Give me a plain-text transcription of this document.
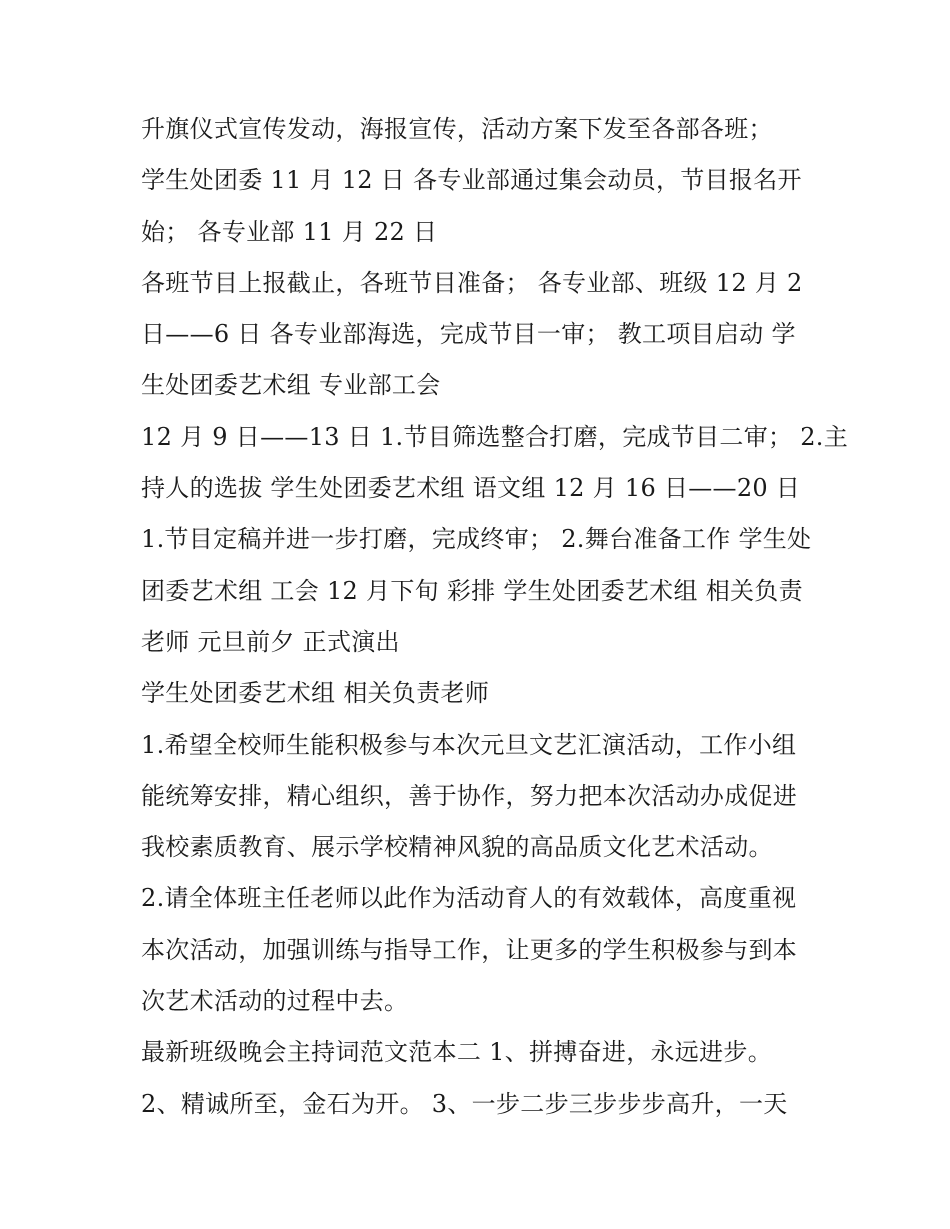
升旗仪式宣传发动，海报宣传，活动方案下发至各部各班；
学生处团委 11 月 12 日 各专业部通过集会动员，节目报名开
始； 各专业部 11 月 22 日
各班节目上报截止，各班节目准备； 各专业部、班级 12 月 2
日——6 日 各专业部海选，完成节目一审； 教工项目启动 学
生处团委艺术组 专业部工会
12 月 9 日——13 日 1.节目筛选整合打磨，完成节目二审； 2.主
持人的选拔 学生处团委艺术组 语文组 12 月 16 日——20 日
1.节目定稿并进一步打磨，完成终审； 2.舞台准备工作 学生处
团委艺术组 工会 12 月下旬 彩排 学生处团委艺术组 相关负责
老师 元旦前夕 正式演出
学生处团委艺术组 相关负责老师
1.希望全校师生能积极参与本次元旦文艺汇演活动，工作小组
能统筹安排，精心组织，善于协作，努力把本次活动办成促进
我校素质教育、展示学校精神风貌的高品质文化艺术活动。
2.请全体班主任老师以此作为活动育人的有效载体，高度重视
本次活动，加强训练与指导工作，让更多的学生积极参与到本
次艺术活动的过程中去。
最新班级晚会主持词范文范本二 1、拼搏奋进，永远进步。
2、精诚所至，金石为开。 3、一步二步三步步步高升，一天
